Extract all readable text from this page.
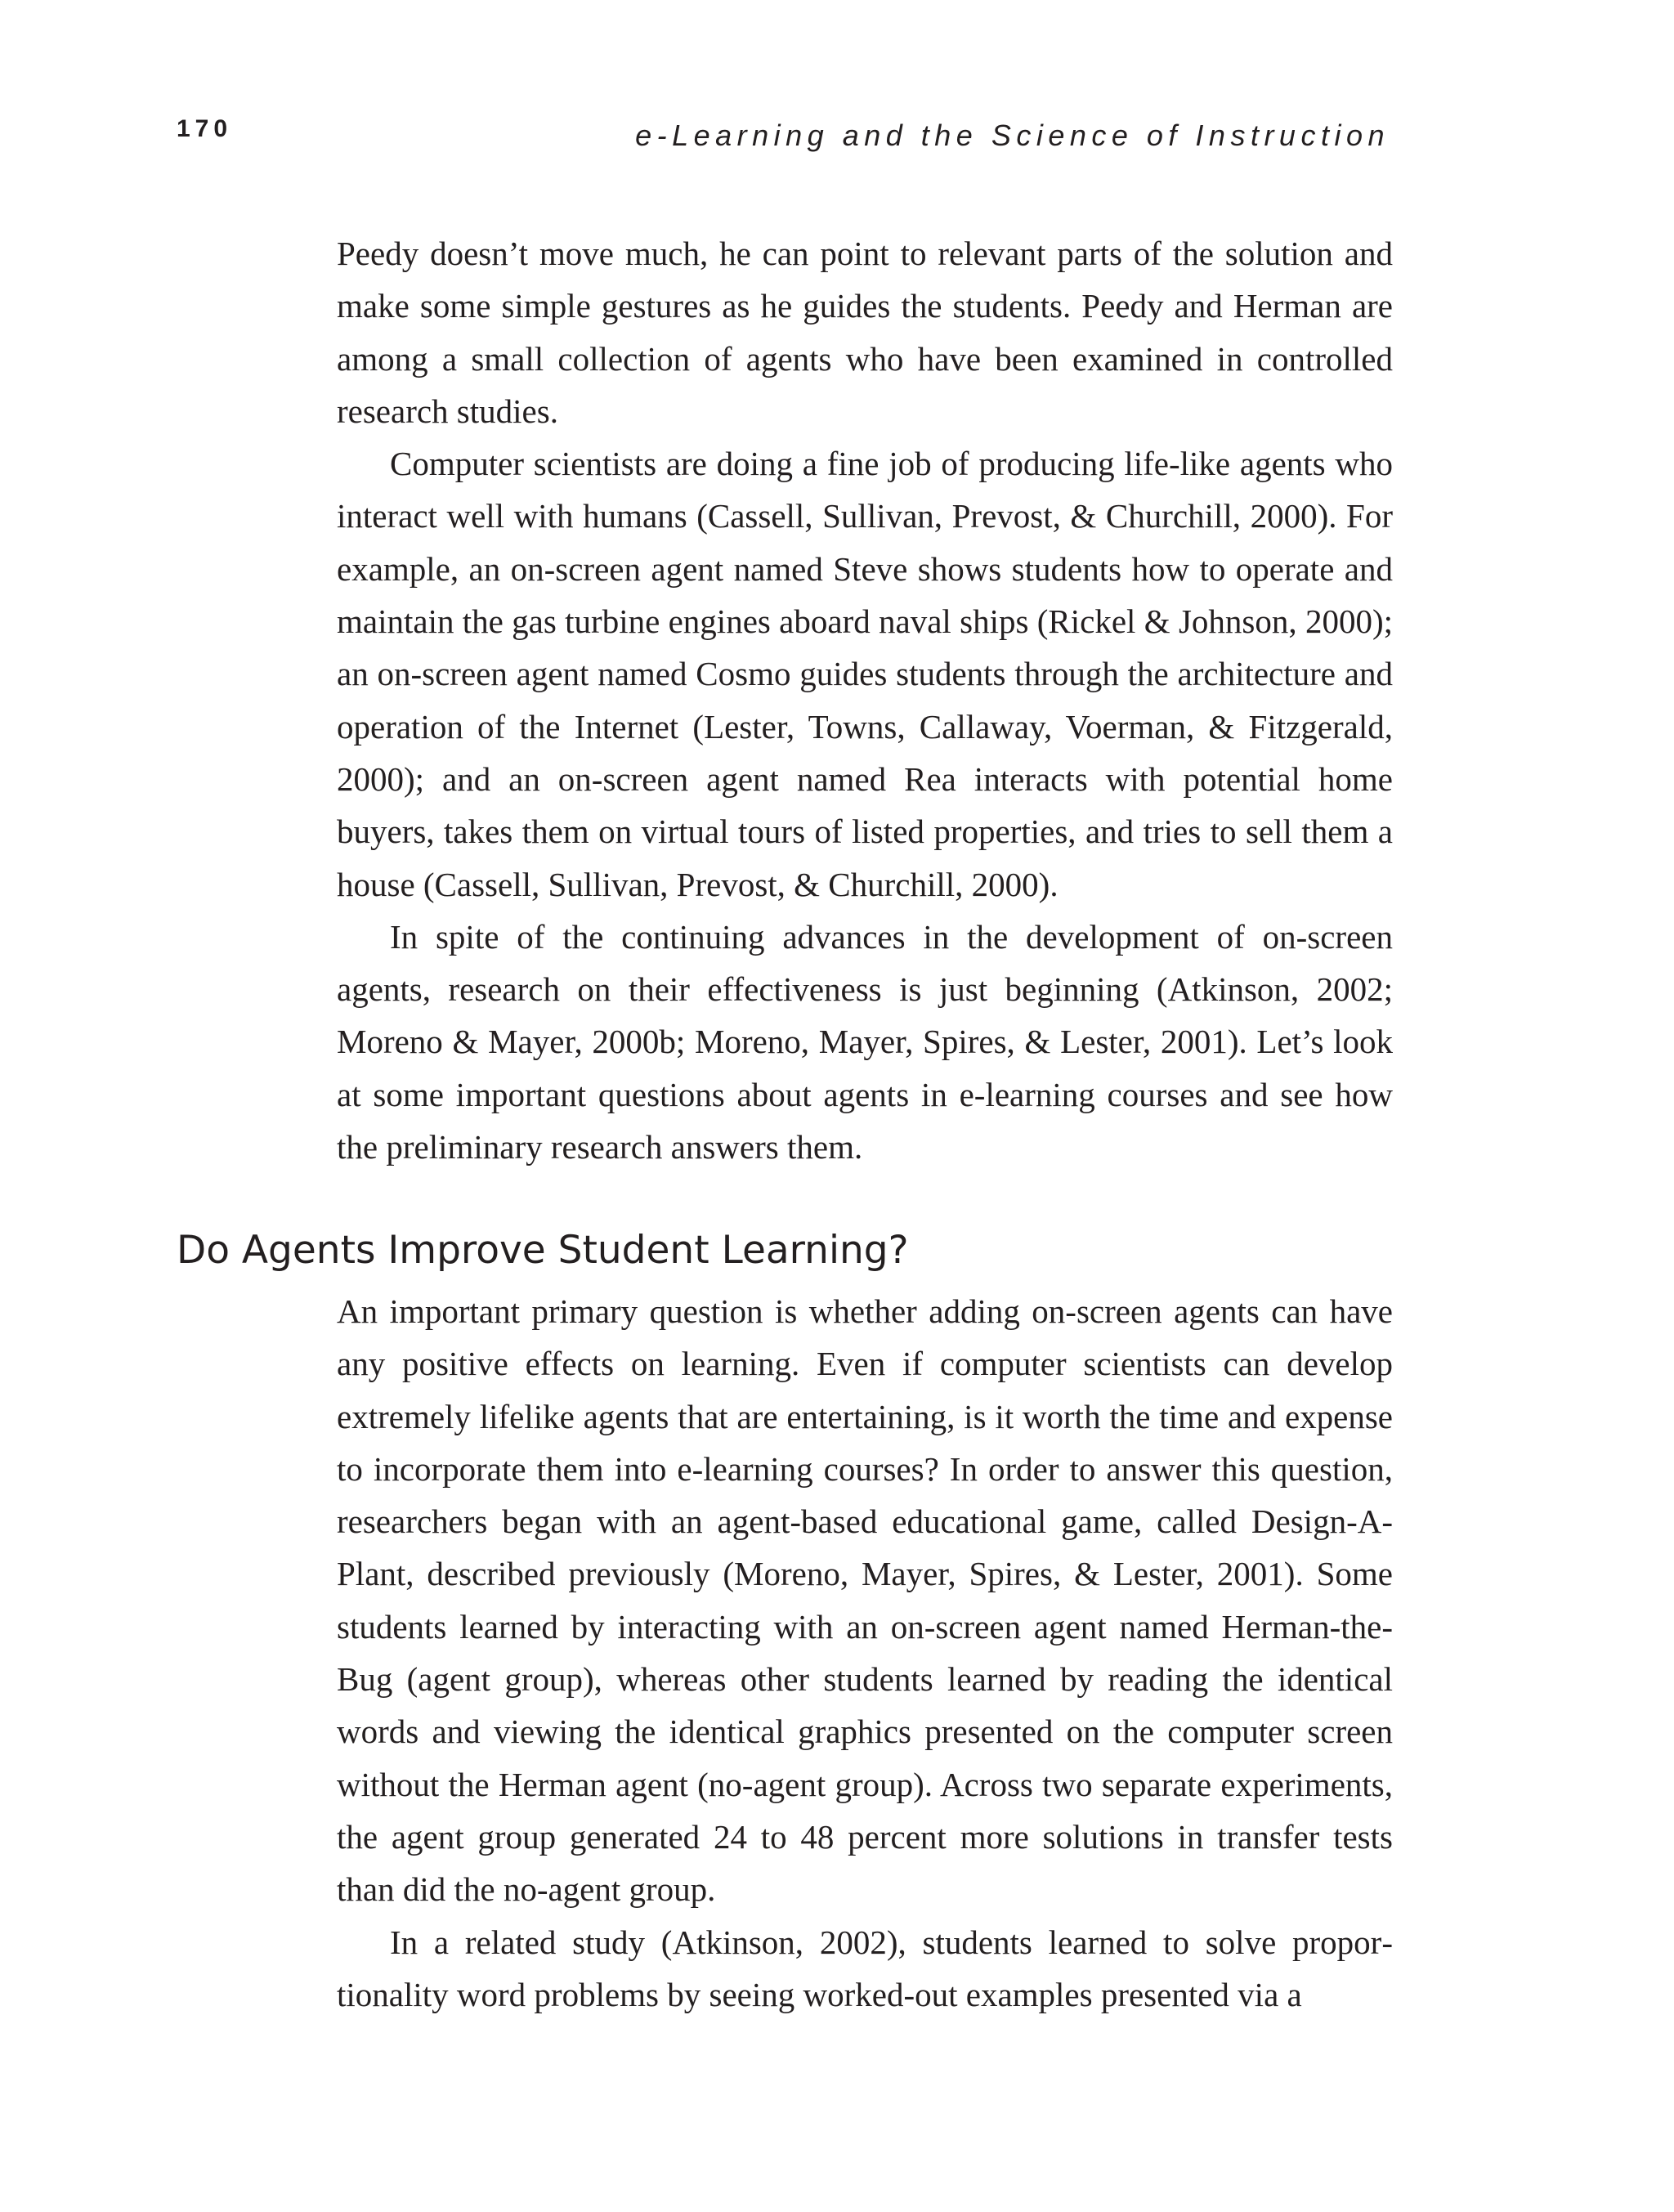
170	e-Learning and the Science of Instruction

Peedy doesn’t move much, he can point to relevant parts of the solution and make some simple gestures as he guides the students. Peedy and Herman are among a small collection of agents who have been examined in controlled research studies.

Computer scientists are doing a fine job of producing life-like agents who interact well with humans (Cassell, Sullivan, Prevost, & Churchill, 2000). For example, an on-screen agent named Steve shows students how to operate and maintain the gas turbine engines aboard naval ships (Rickel & Johnson, 2000); an on-screen agent named Cosmo guides students through the architecture and operation of the Internet (Lester, Towns, Callaway, Voerman, & Fitzgerald, 2000); and an on-screen agent named Rea interacts with potential home buyers, takes them on virtual tours of listed properties, and tries to sell them a house (Cassell, Sullivan, Prevost, & Churchill, 2000).

In spite of the continuing advances in the development of on-screen agents, research on their effectiveness is just beginning (Atkinson, 2002; Moreno & Mayer, 2000b; Moreno, Mayer, Spires, & Lester, 2001). Let’s look at some important questions about agents in e-learning courses and see how the preliminary research answers them.

Do Agents Improve Student Learning?

An important primary question is whether adding on-screen agents can have any positive effects on learning. Even if computer scientists can develop extremely lifelike agents that are entertaining, is it worth the time and expense to incorporate them into e-learning courses? In order to answer this question, researchers began with an agent-based educational game, called Design-A-Plant, described previously (Moreno, Mayer, Spires, & Lester, 2001). Some students learned by interacting with an on-screen agent named Herman-the-Bug (agent group), whereas other students learned by reading the identical words and viewing the identical graphics presented on the computer screen without the Herman agent (no-agent group). Across two separate experiments, the agent group generated 24 to 48 percent more solutions in transfer tests than did the no-agent group.

In a related study (Atkinson, 2002), students learned to solve proportionality word problems by seeing worked-out examples presented via a
